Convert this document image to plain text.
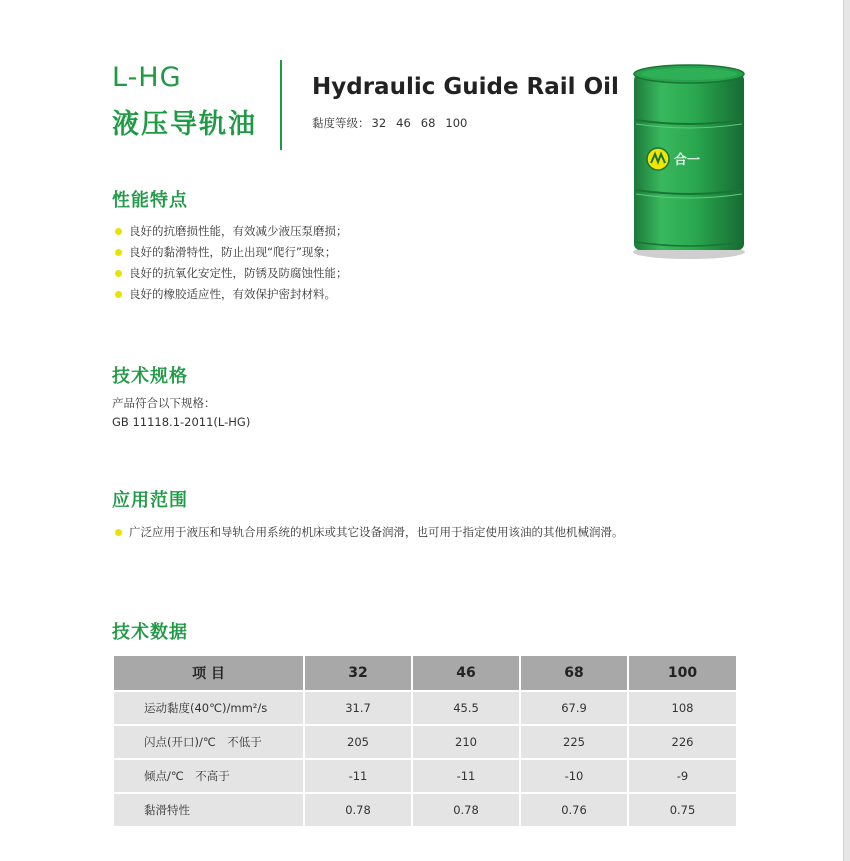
L-HG
液压导轨油
Hydraulic Guide Rail Oil
黏度等级： 32 46 68 100
合一
性能特点
良好的抗磨损性能，有效减少液压泵磨损；
良好的黏滑特性，防止出现“爬行”现象；
良好的抗氧化安定性，防锈及防腐蚀性能；
良好的橡胶适应性，有效保护密封材料。
技术规格
产品符合以下规格：
GB 11118.1-2011(L-HG)
应用范围
广泛应用于液压和导轨合用系统的机床或其它设备润滑，也可用于指定使用该油的其他机械润滑。
技术数据
项 目	32	46	68	100
运动黏度(40℃)/mm²/s	31.7	45.5	67.9	108
闪点(开口)/℃　不低于	205	210	225	226
倾点/℃　不高于	-11	-11	-10	-9
黏滑特性	0.78	0.78	0.76	0.75
